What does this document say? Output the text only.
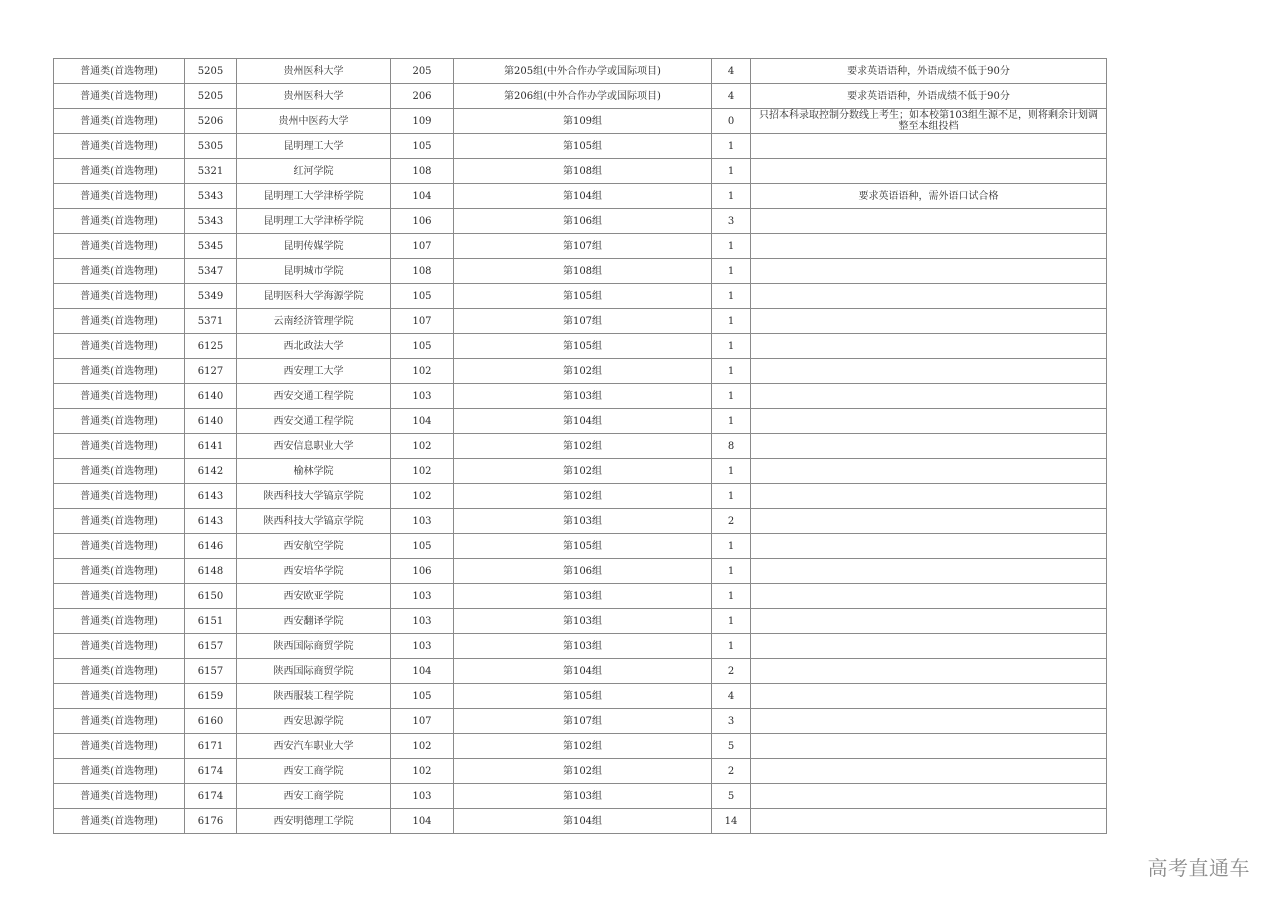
普通类(首选物理)	5205	贵州医科大学	205	第205组(中外合作办学或国际项目)	4	要求英语语种，外语成绩不低于90分
普通类(首选物理)	5205	贵州医科大学	206	第206组(中外合作办学或国际项目)	4	要求英语语种，外语成绩不低于90分
普通类(首选物理)	5206	贵州中医药大学	109	第109组	0	只招本科录取控制分数线上考生；如本校第103组生源不足，则将剩余计划调整至本组投档
普通类(首选物理)	5305	昆明理工大学	105	第105组	1	
普通类(首选物理)	5321	红河学院	108	第108组	1	
普通类(首选物理)	5343	昆明理工大学津桥学院	104	第104组	1	要求英语语种，需外语口试合格
普通类(首选物理)	5343	昆明理工大学津桥学院	106	第106组	3	
普通类(首选物理)	5345	昆明传媒学院	107	第107组	1	
普通类(首选物理)	5347	昆明城市学院	108	第108组	1	
普通类(首选物理)	5349	昆明医科大学海源学院	105	第105组	1	
普通类(首选物理)	5371	云南经济管理学院	107	第107组	1	
普通类(首选物理)	6125	西北政法大学	105	第105组	1	
普通类(首选物理)	6127	西安理工大学	102	第102组	1	
普通类(首选物理)	6140	西安交通工程学院	103	第103组	1	
普通类(首选物理)	6140	西安交通工程学院	104	第104组	1	
普通类(首选物理)	6141	西安信息职业大学	102	第102组	8	
普通类(首选物理)	6142	榆林学院	102	第102组	1	
普通类(首选物理)	6143	陕西科技大学镐京学院	102	第102组	1	
普通类(首选物理)	6143	陕西科技大学镐京学院	103	第103组	2	
普通类(首选物理)	6146	西安航空学院	105	第105组	1	
普通类(首选物理)	6148	西安培华学院	106	第106组	1	
普通类(首选物理)	6150	西安欧亚学院	103	第103组	1	
普通类(首选物理)	6151	西安翻译学院	103	第103组	1	
普通类(首选物理)	6157	陕西国际商贸学院	103	第103组	1	
普通类(首选物理)	6157	陕西国际商贸学院	104	第104组	2	
普通类(首选物理)	6159	陕西服装工程学院	105	第105组	4	
普通类(首选物理)	6160	西安思源学院	107	第107组	3	
普通类(首选物理)	6171	西安汽车职业大学	102	第102组	5	
普通类(首选物理)	6174	西安工商学院	102	第102组	2	
普通类(首选物理)	6174	西安工商学院	103	第103组	5	
普通类(首选物理)	6176	西安明德理工学院	104	第104组	14	
高考直通车
